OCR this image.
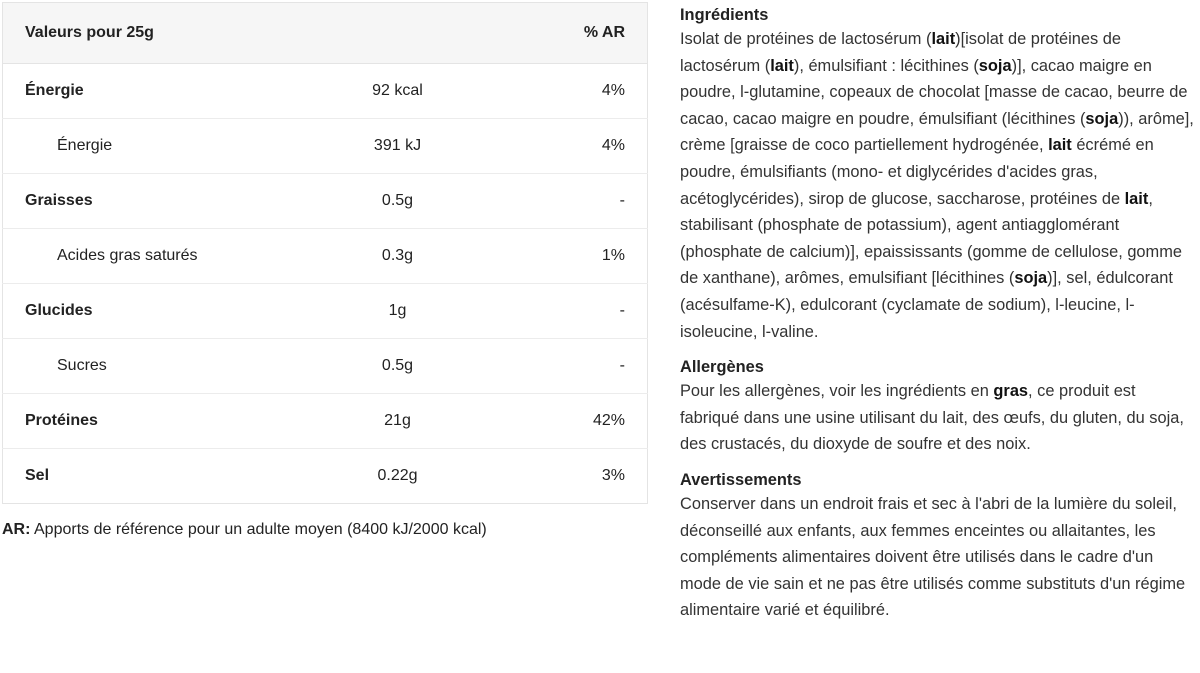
Valeurs pour 25g		% AR
Énergie	92 kcal	4%
Énergie	391 kJ	4%
Graisses	0.5g	-
Acides gras saturés	0.3g	1%
Glucides	1g	-
Sucres	0.5g	-
Protéines	21g	42%
Sel	0.22g	3%
AR: Apports de référence pour un adulte moyen (8400 kJ/2000 kcal)
Ingrédients

Isolat de protéines de lactosérum (lait)[isolat de protéines de lactosérum (lait), émulsifiant : lécithines (soja)], cacao maigre en poudre, l-glutamine, copeaux de chocolat [masse de cacao, beurre de cacao, cacao maigre en poudre, émulsifiant (lécithines (soja)), arôme], crème [graisse de coco partiellement hydrogénée, lait écrémé en poudre, émulsifiants (mono- et diglycérides d'acides gras, acétoglycérides), sirop de glucose, saccharose, protéines de lait, stabilisant (phosphate de potassium), agent antiagglomérant (phosphate de calcium)], epaississants (gomme de cellulose, gomme de xanthane), arômes, emulsifiant [lécithines (soja)], sel, édulcorant (acésulfame-K), edulcorant (cyclamate de sodium), l-leucine, l-isoleucine, l-valine.

Allergènes

Pour les allergènes, voir les ingrédients en gras, ce produit est fabriqué dans une usine utilisant du lait, des œufs, du gluten, du soja, des crustacés, du dioxyde de soufre et des noix.

Avertissements

Conserver dans un endroit frais et sec à l'abri de la lumière du soleil, déconseillé aux enfants, aux femmes enceintes ou allaitantes, les compléments alimentaires doivent être utilisés dans le cadre d'un mode de vie sain et ne pas être utilisés comme substituts d'un régime alimentaire varié et équilibré.
